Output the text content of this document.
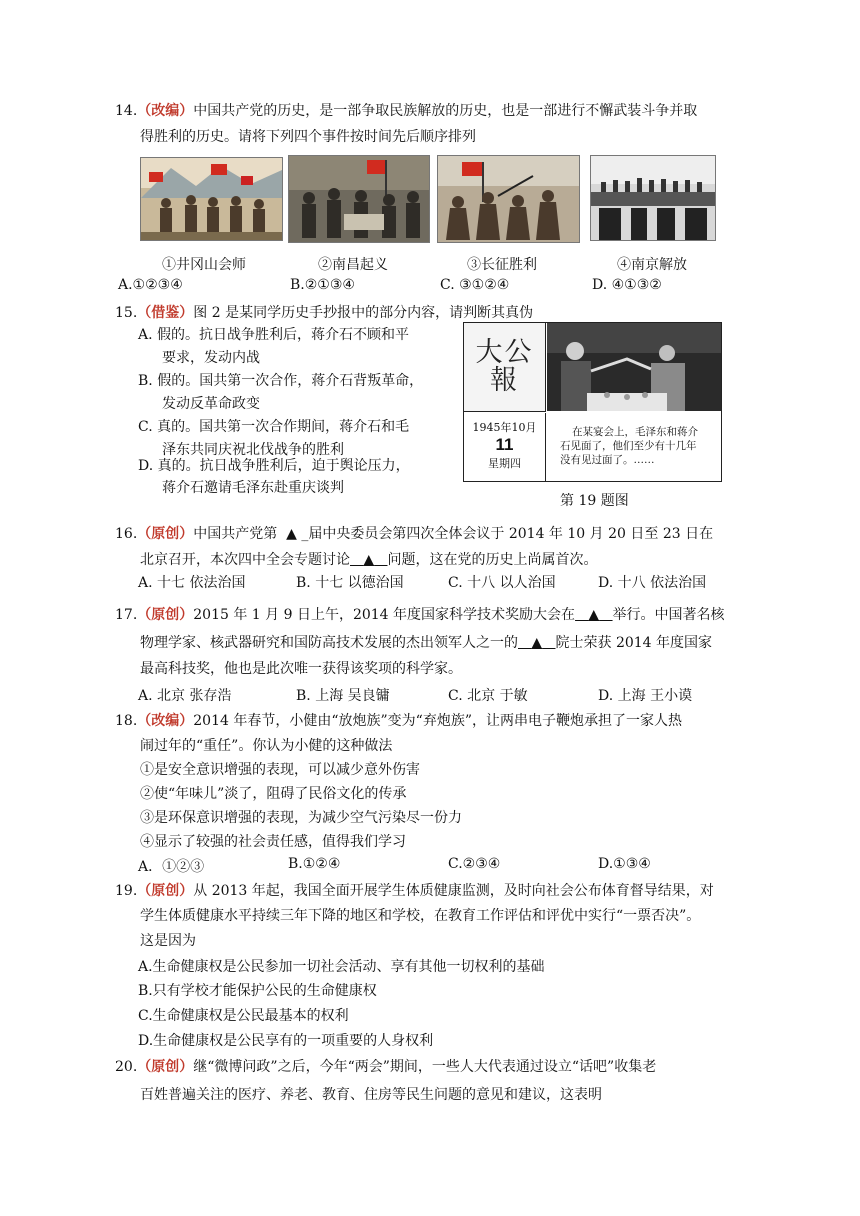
14.（改编）中国共产党的历史，是一部争取民族解放的历史，也是一部进行不懈武装斗争并取
得胜利的历史。请将下列四个事件按时间先后顺序排列
①井冈山会师	②南昌起义	③长征胜利	④南京解放
A.①②③④	B.②①③④	C. ③①②④	D. ④①③②
15.（借鉴）图 2 是某同学历史手抄报中的部分内容，请判断其真伪
A. 假的。抗日战争胜利后，蒋介石不顾和平
要求，发动内战
B. 假的。国共第一次合作，蒋介石背叛革命，
发动反革命政变
C. 真的。国共第一次合作期间，蒋介石和毛
泽东共同庆祝北伐战争的胜利
D. 真的。抗日战争胜利后，迫于舆论压力，
蒋介石邀请毛泽东赴重庆谈判
大公報
1945年10月
11
星期四
在某宴会上，毛泽东和蒋介
石见面了，他们至少有十几年
没有见过面了。……
第 19 题图
16.（原创）中国共产党第 ▲ _届中央委员会第四次全体会议于 2014 年 10 月 20 日至 23 日在
北京召开，本次四中全会专题讨论 ▲ 问题，这在党的历史上尚属首次。
A. 十七 依法治国	B. 十七 以德治国	C. 十八 以人治国	D. 十八 依法治国
17.（原创）2015 年 1 月 9 日上午，2014 年度国家科学技术奖励大会在 ▲ 举行。中国著名核
物理学家、核武器研究和国防高技术发展的杰出领军人之一的 ▲ 院士荣获 2014 年度国家
最高科技奖，他也是此次唯一获得该奖项的科学家。
A. 北京 张存浩	B. 上海 吴良镛	C. 北京 于敏	D. 上海 王小谟
18.（改编）2014 年春节，小健由“放炮族”变为“弃炮族”，让两串电子鞭炮承担了一家人热
闹过年的“重任”。你认为小健的这种做法
①是安全意识增强的表现，可以减少意外伤害
②使“年味儿”淡了，阻碍了民俗文化的传承
③是环保意识增强的表现，为减少空气污染尽一份力
④显示了较强的社会责任感，值得我们学习
A．①②③	B.①②④	C.②③④	D.①③④
19.（原创）从 2013 年起，我国全面开展学生体质健康监测，及时向社会公布体育督导结果，对
学生体质健康水平持续三年下降的地区和学校，在教育工作评估和评优中实行“一票否决”。
这是因为
A.生命健康权是公民参加一切社会活动、享有其他一切权利的基础
B.只有学校才能保护公民的生命健康权
C.生命健康权是公民最基本的权利
D.生命健康权是公民享有的一项重要的人身权利
20.（原创）继“微博问政”之后，今年“两会”期间，一些人大代表通过设立“话吧”收集老
百姓普遍关注的医疗、养老、教育、住房等民生问题的意见和建议，这表明
